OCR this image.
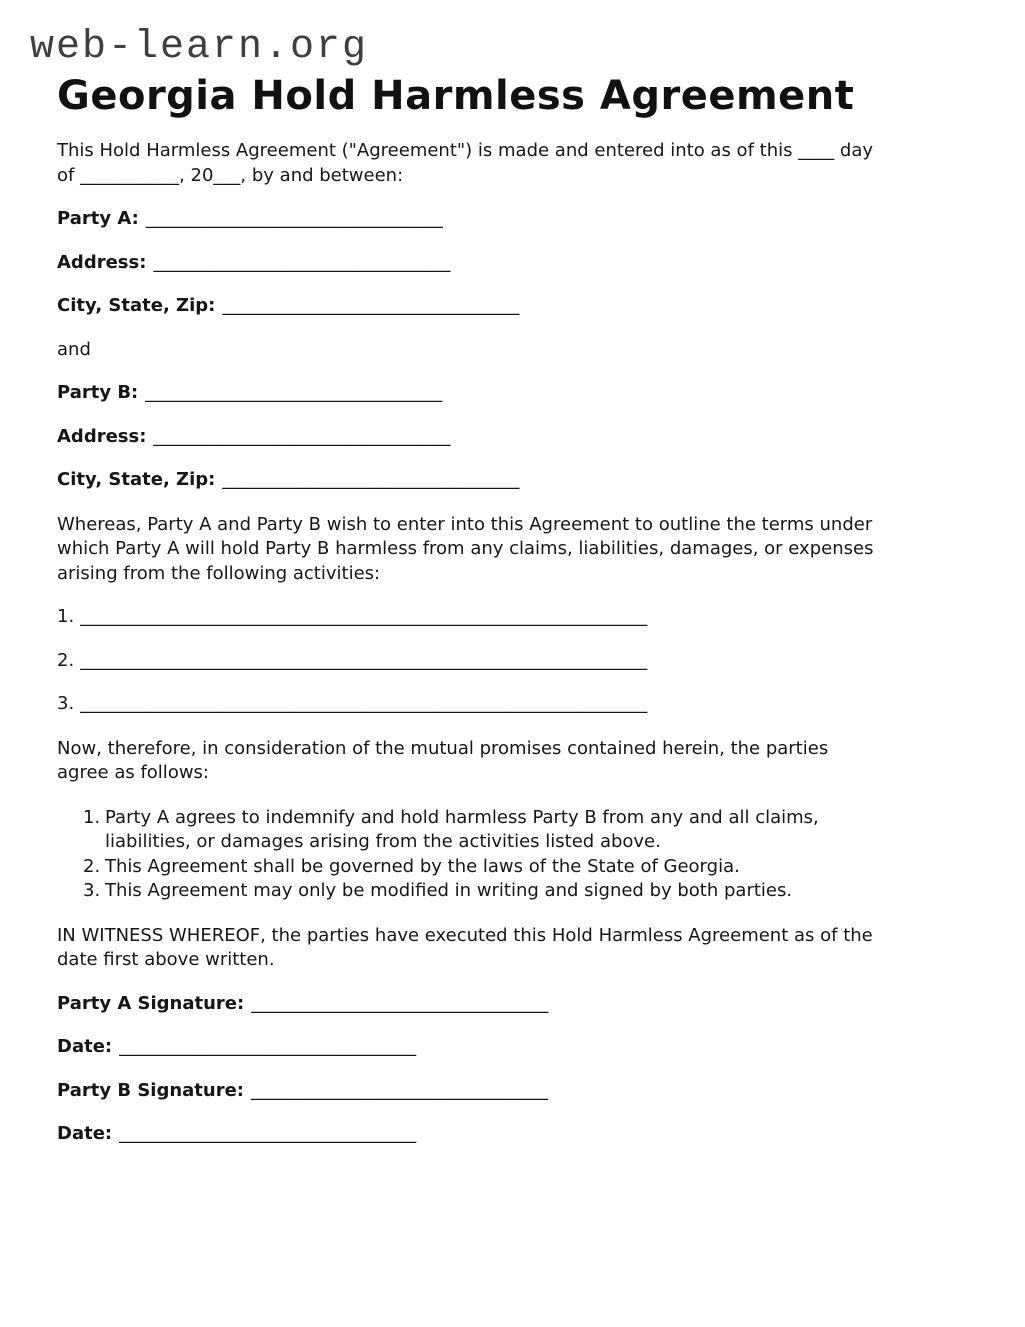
web-learn.org
Georgia Hold Harmless Agreement

This Hold Harmless Agreement ("Agreement") is made and entered into as of this ____ day
of ___________, 20___, by and between:

Party A: _________________________________
Address: _________________________________
City, State, Zip: _________________________________
and
Party B: _________________________________
Address: _________________________________
City, State, Zip: _________________________________

Whereas, Party A and Party B wish to enter into this Agreement to outline the terms under
which Party A will hold Party B harmless from any claims, liabilities, damages, or expenses
arising from the following activities:

1. _______________________________________________________________
2. _______________________________________________________________
3. _______________________________________________________________

Now, therefore, in consideration of the mutual promises contained herein, the parties
agree as follows:

1. Party A agrees to indemnify and hold harmless Party B from any and all claims,
liabilities, or damages arising from the activities listed above.
2. This Agreement shall be governed by the laws of the State of Georgia.
3. This Agreement may only be modified in writing and signed by both parties.

IN WITNESS WHEREOF, the parties have executed this Hold Harmless Agreement as of the
date first above written.

Party A Signature: _________________________________
Date: _________________________________
Party B Signature: _________________________________
Date: _________________________________
